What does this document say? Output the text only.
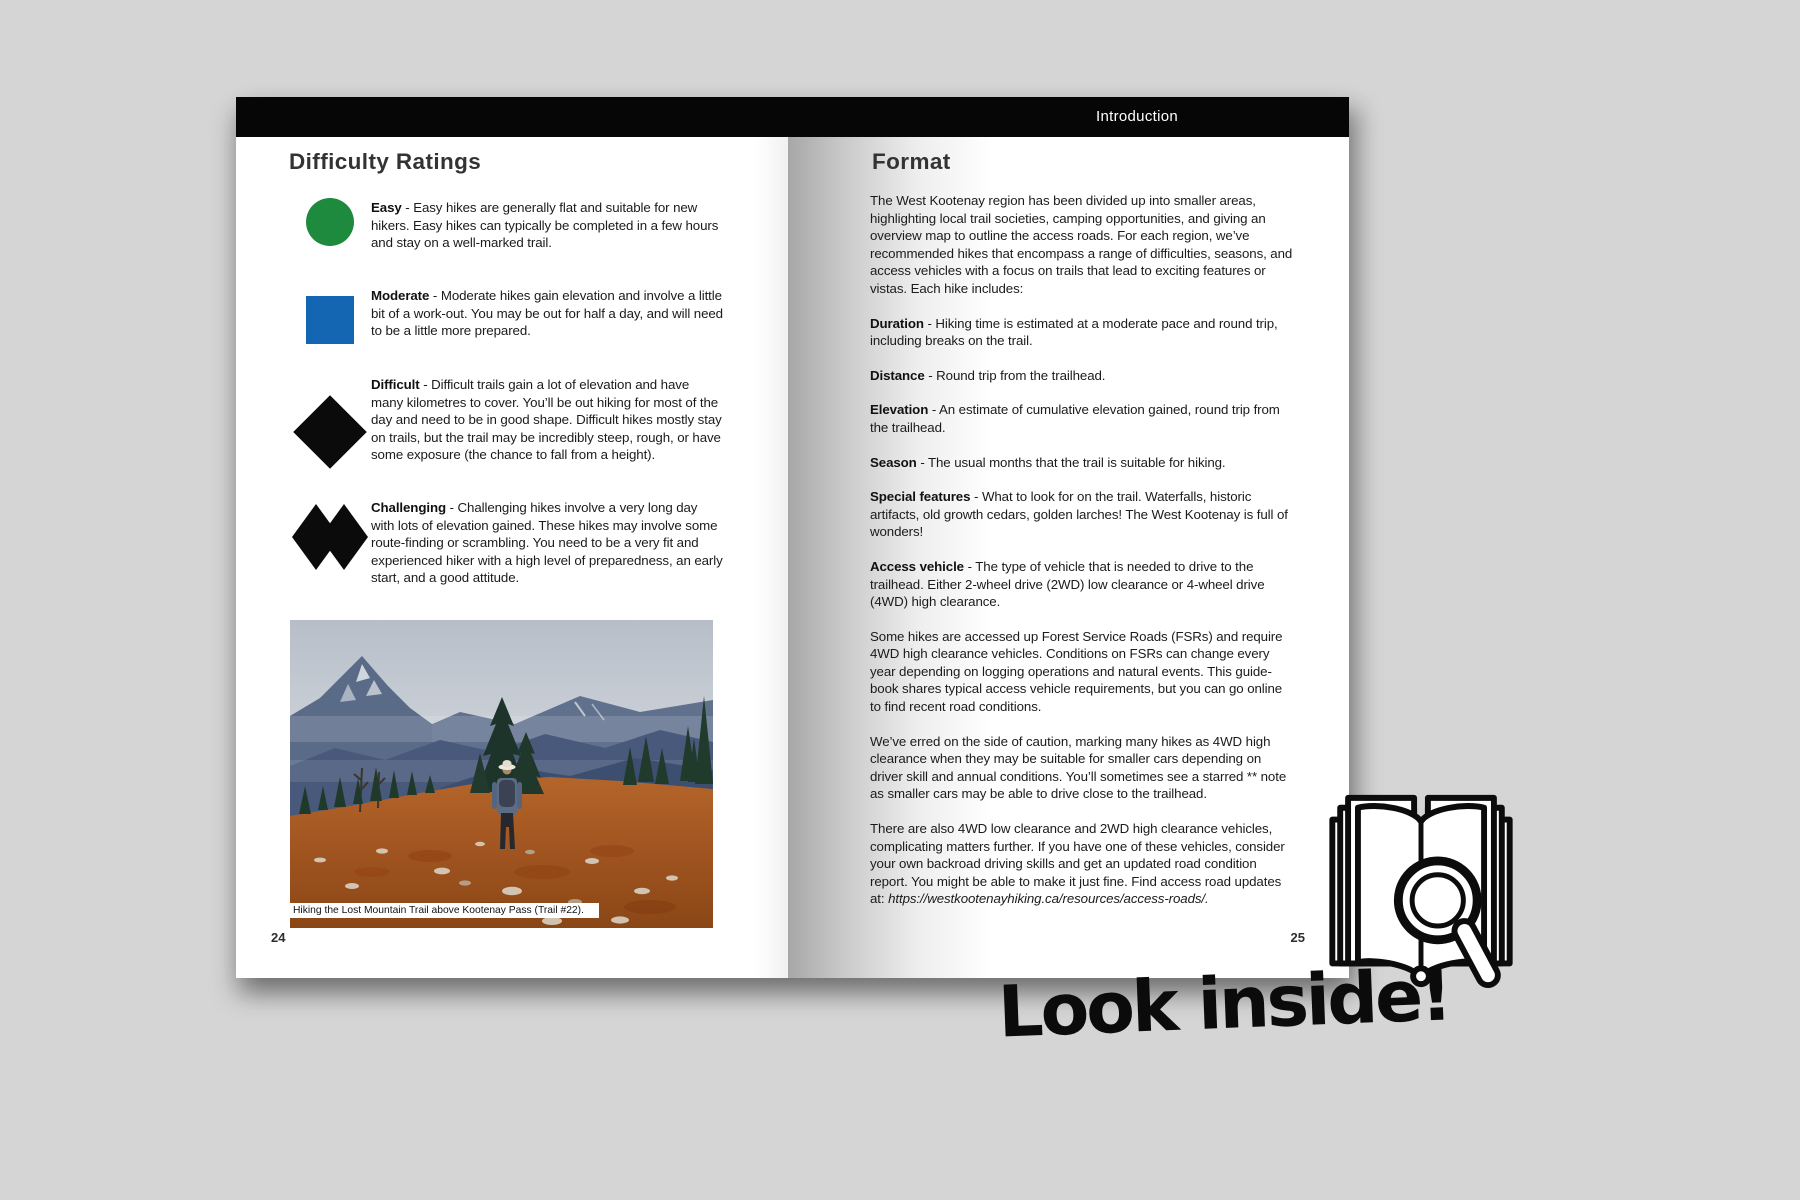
Introduction
Difficulty Ratings
Easy - Easy hikes are generally flat and suitable for new hikers. Easy hikes can typically be completed in a few hours and stay on a well-marked trail.
Moderate - Moderate hikes gain elevation and involve a little bit of a work-out. You may be out for half a day, and will need to be a little more prepared.
Difficult - Difficult trails gain a lot of elevation and have many kilometres to cover. You’ll be out hiking for most of the day and need to be in good shape. Difficult hikes mostly stay on trails, but the trail may be incredibly steep, rough, or have some exposure (the chance to fall from a height).
Challenging - Challenging hikes involve a very long day with lots of elevation gained. These hikes may involve some route-finding or scrambling. You need to be a very fit and experienced hiker with a high level of preparedness, an early start, and a good attitude.
Hiking the Lost Mountain Trail above Kootenay Pass (Trail #22).
24
Format

The West Kootenay region has been divided up into smaller areas, highlighting local trail societies, camping opportunities, and giving an overview map to outline the access roads. For each region, we’ve recommended hikes that encompass a range of difficulties, seasons, and access vehicles with a focus on trails that lead to exciting features or vistas. Each hike includes:

Duration - Hiking time is estimated at a moderate pace and round trip, including breaks on the trail.

Distance - Round trip from the trailhead.

Elevation - An estimate of cumulative elevation gained, round trip from the trailhead.

Season - The usual months that the trail is suitable for hiking.

Special features - What to look for on the trail. Waterfalls, historic artifacts, old growth cedars, golden larches! The West Kootenay is full of wonders!

Access vehicle - The type of vehicle that is needed to drive to the trailhead. Either 2-wheel drive (2WD) low clearance or 4-wheel drive (4WD) high clearance.

Some hikes are accessed up Forest Service Roads (FSRs) and require 4WD high clearance vehicles. Conditions on FSRs can change every year depending on logging operations and natural events. This guidebook shares typical access vehicle requirements, but you can go online to find recent road conditions.

We’ve erred on the side of caution, marking many hikes as 4WD high clearance when they may be suitable for smaller cars depending on driver skill and annual conditions. You’ll sometimes see a starred ** note as smaller cars may be able to drive close to the trailhead.

There are also 4WD low clearance and 2WD high clearance vehicles, complicating matters further. If you have one of these vehicles, consider your own backroad driving skills and get an updated road condition report. You might be able to make it just fine. Find access road updates at: https://westkootenayhiking.ca/resources/access-roads/.

25
Look inside!
